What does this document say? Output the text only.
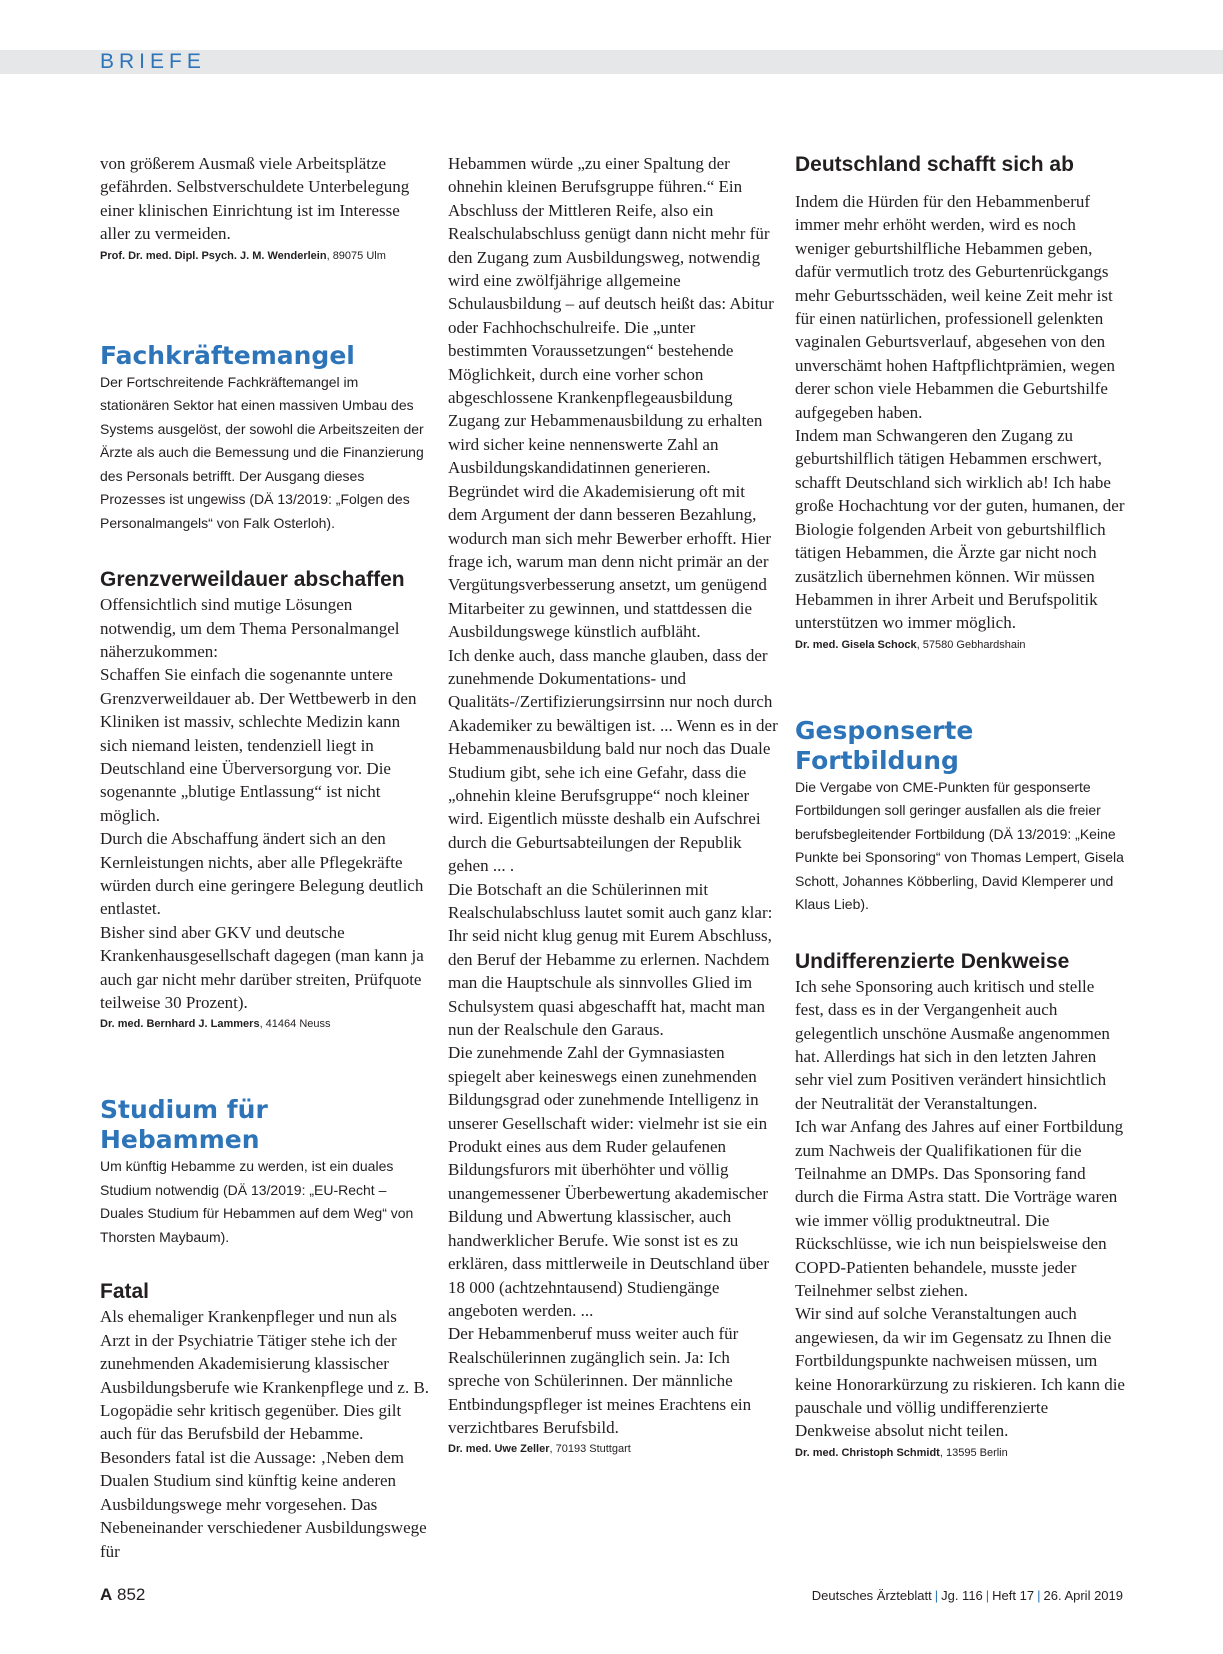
BRIEFE

von größerem Ausmaß viele Arbeitsplätze gefährden. Selbstverschuldete Unterbelegung einer klinischen Einrichtung ist im Interesse aller zu vermeiden.

Prof. Dr. med. Dipl. Psych. J. M. Wenderlein, 89075 Ulm
Fachkräftemangel
Der Fortschreitende Fachkräftemangel im stationären Sektor hat einen massiven Umbau des Systems ausgelöst, der sowohl die Arbeitszeiten der Ärzte als auch die Bemessung und die Finanzierung des Personals betrifft. Der Ausgang dieses Prozesses ist ungewiss (DÄ 13/2019: „Folgen des Personalmangels“ von Falk Osterloh).
Grenzverweildauer abschaffen

Offensichtlich sind mutige Lösungen notwendig, um dem Thema Personalmangel näherzukommen:

Schaffen Sie einfach die sogenannte untere Grenzverweildauer ab. Der Wettbewerb in den Kliniken ist massiv, schlechte Medizin kann sich niemand leisten, tendenziell liegt in Deutschland eine Überversorgung vor. Die sogenannte „blutige Entlassung“ ist nicht möglich.

Durch die Abschaffung ändert sich an den Kernleistungen nichts, aber alle Pflegekräfte würden durch eine geringere Belegung deutlich entlastet.

Bisher sind aber GKV und deutsche Krankenhausgesellschaft dagegen (man kann ja auch gar nicht mehr darüber streiten, Prüfquote teilweise 30 Prozent).

Dr. med. Bernhard J. Lammers, 41464 Neuss
Studium für Hebammen
Um künftig Hebamme zu werden, ist ein duales Studium notwendig (DÄ 13/2019: „EU-Recht – Duales Studium für Hebammen auf dem Weg“ von Thorsten Maybaum).
Fatal

Als ehemaliger Krankenpfleger und nun als Arzt in der Psychiatrie Tätiger stehe ich der zunehmenden Akademisierung klassischer Ausbildungsberufe wie Krankenpflege und z. B. Logopädie sehr kritisch gegenüber. Dies gilt auch für das Berufsbild der Hebamme. Besonders fatal ist die Aussage: ‚Neben dem Dualen Studium sind künftig keine anderen Ausbildungswege mehr vorgesehen. Das Nebeneinander verschiedener Ausbildungswege für

Hebammen würde „zu einer Spaltung der ohnehin kleinen Berufsgruppe führen.“ Ein Abschluss der Mittleren Reife, also ein Realschulabschluss genügt dann nicht mehr für den Zugang zum Ausbildungsweg, notwendig wird eine zwölfjährige allgemeine Schulausbildung – auf deutsch heißt das: Abitur oder Fachhochschulreife. Die „unter bestimmten Voraussetzungen“ bestehende Möglichkeit, durch eine vorher schon abgeschlossene Krankenpflegeausbildung Zugang zur Hebammenausbildung zu erhalten wird sicher keine nennenswerte Zahl an Ausbildungskandidatinnen generieren.

Begründet wird die Akademisierung oft mit dem Argument der dann besseren Bezahlung, wodurch man sich mehr Bewerber erhofft. Hier frage ich, warum man denn nicht primär an der Vergütungsverbesserung ansetzt, um genügend Mitarbeiter zu gewinnen, und stattdessen die Ausbildungswege künstlich aufbläht.

Ich denke auch, dass manche glauben, dass der zunehmende Dokumentations- und Qualitäts-/Zertifizierungsirrsinn nur noch durch Akademiker zu bewältigen ist. ... Wenn es in der Hebammenausbildung bald nur noch das Duale Studium gibt, sehe ich eine Gefahr, dass die „ohnehin kleine Berufsgruppe“ noch kleiner wird. Eigentlich müsste deshalb ein Aufschrei durch die Geburtsabteilungen der Republik gehen ... .

Die Botschaft an die Schülerinnen mit Realschulabschluss lautet somit auch ganz klar: Ihr seid nicht klug genug mit Eurem Abschluss, den Beruf der Hebamme zu erlernen. Nachdem man die Hauptschule als sinnvolles Glied im Schulsystem quasi abgeschafft hat, macht man nun der Realschule den Garaus.

Die zunehmende Zahl der Gymnasiasten spiegelt aber keineswegs einen zunehmenden Bildungsgrad oder zunehmende Intelligenz in unserer Gesellschaft wider: vielmehr ist sie ein Produkt eines aus dem Ruder gelaufenen Bildungsfurors mit überhöhter und völlig unangemessener Überbewertung akademischer Bildung und Abwertung klassischer, auch handwerklicher Berufe. Wie sonst ist es zu erklären, dass mittlerweile in Deutschland über 18 000 (achtzehntausend) Studiengänge angeboten werden. ...

Der Hebammenberuf muss weiter auch für Realschülerinnen zugänglich sein. Ja: Ich spreche von Schülerinnen. Der männliche Entbindungspfleger ist meines Erachtens ein verzichtbares Berufsbild.

Dr. med. Uwe Zeller, 70193 Stuttgart
Deutschland schafft sich ab

Indem die Hürden für den Hebammenberuf immer mehr erhöht werden, wird es noch weniger geburtshilfliche Hebammen geben, dafür vermutlich trotz des Geburtenrückgangs mehr Geburtsschäden, weil keine Zeit mehr ist für einen natürlichen, professionell gelenkten vaginalen Geburtsverlauf, abgesehen von den unverschämt hohen Haftpflichtprämien, wegen derer schon viele Hebammen die Geburtshilfe aufgegeben haben.

Indem man Schwangeren den Zugang zu geburtshilflich tätigen Hebammen erschwert, schafft Deutschland sich wirklich ab! Ich habe große Hochachtung vor der guten, humanen, der Biologie folgenden Arbeit von geburtshilflich tätigen Hebammen, die Ärzte gar nicht noch zusätzlich übernehmen können. Wir müssen Hebammen in ihrer Arbeit und Berufspolitik unterstützen wo immer möglich.

Dr. med. Gisela Schock, 57580 Gebhardshain
Gesponserte Fortbildung
Die Vergabe von CME-Punkten für gesponserte Fortbildungen soll geringer ausfallen als die freier berufsbegleitender Fortbildung (DÄ 13/2019: „Keine Punkte bei Sponsoring“ von Thomas Lempert, Gisela Schott, Johannes Köbberling, David Klemperer und Klaus Lieb).
Undifferenzierte Denkweise

Ich sehe Sponsoring auch kritisch und stelle fest, dass es in der Vergangenheit auch gelegentlich unschöne Ausmaße angenommen hat. Allerdings hat sich in den letzten Jahren sehr viel zum Positiven verändert hinsichtlich der Neutralität der Veranstaltungen.

Ich war Anfang des Jahres auf einer Fortbildung zum Nachweis der Qualifikationen für die Teilnahme an DMPs. Das Sponsoring fand durch die Firma Astra statt. Die Vorträge waren wie immer völlig produktneutral. Die Rückschlüsse, wie ich nun beispielsweise den COPD-Patienten behandele, musste jeder Teilnehmer selbst ziehen.

Wir sind auf solche Veranstaltungen auch angewiesen, da wir im Gegensatz zu Ihnen die Fortbildungspunkte nachweisen müssen, um keine Honorarkürzung zu riskieren. Ich kann die pauschale und völlig undifferenzierte Denkweise absolut nicht teilen.

Dr. med. Christoph Schmidt, 13595 Berlin
A 852	Deutsches Ärzteblatt | Jg. 116 | Heft 17 | 26. April 2019
